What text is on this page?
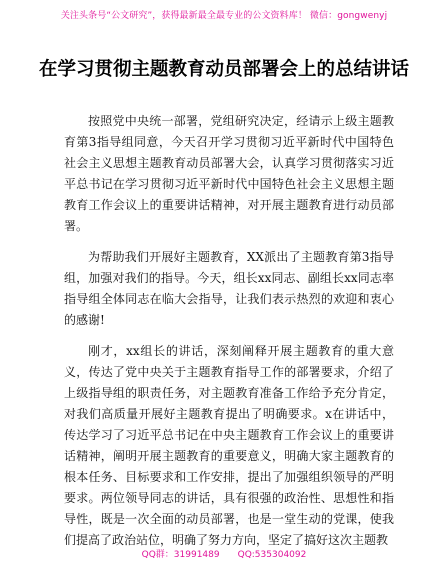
关注头条号“公文研究”，获得最新最全最专业的公文资料库！ 微信：gongwenyj
在学习贯彻主题教育动员部署会上的总结讲话

按照党中央统一部署，党组研究决定，经请示上级主题教育第3指导组同意，今天召开学习贯彻习近平新时代中国特色社会主义思想主题教育动员部署大会，认真学习贯彻落实习近平总书记在学习贯彻习近平新时代中国特色社会主义思想主题教育工作会议上的重要讲话精神，对开展主题教育进行动员部署。

为帮助我们开展好主题教育，XX派出了主题教育第3指导组，加强对我们的指导。今天，组长xx同志、副组长xx同志率指导组全体同志在临大会指导，让我们表示热烈的欢迎和衷心的感谢!

刚才，xx组长的讲话，深刻阐释开展主题教育的重大意义，传达了党中央关于主题教育指导工作的部署要求，介绍了上级指导组的职责任务，对主题教育准备工作给予充分肯定，对我们高质量开展好主题教育提出了明确要求。x在讲话中，传达学习了习近平总书记在中央主题教育工作会议上的重要讲话精神，阐明开展主题教育的重要意义，明确大家主题教育的根本任务、目标要求和工作安排，提出了加强组织领导的严明要求。两位领导同志的讲话，具有很强的政治性、思想性和指导性，既是一次全面的动员部署，也是一堂生动的党课，使我们提高了政治站位，明确了努力方向，坚定了搞好这次主题教

QQ群：31991489 QQ:535304092
